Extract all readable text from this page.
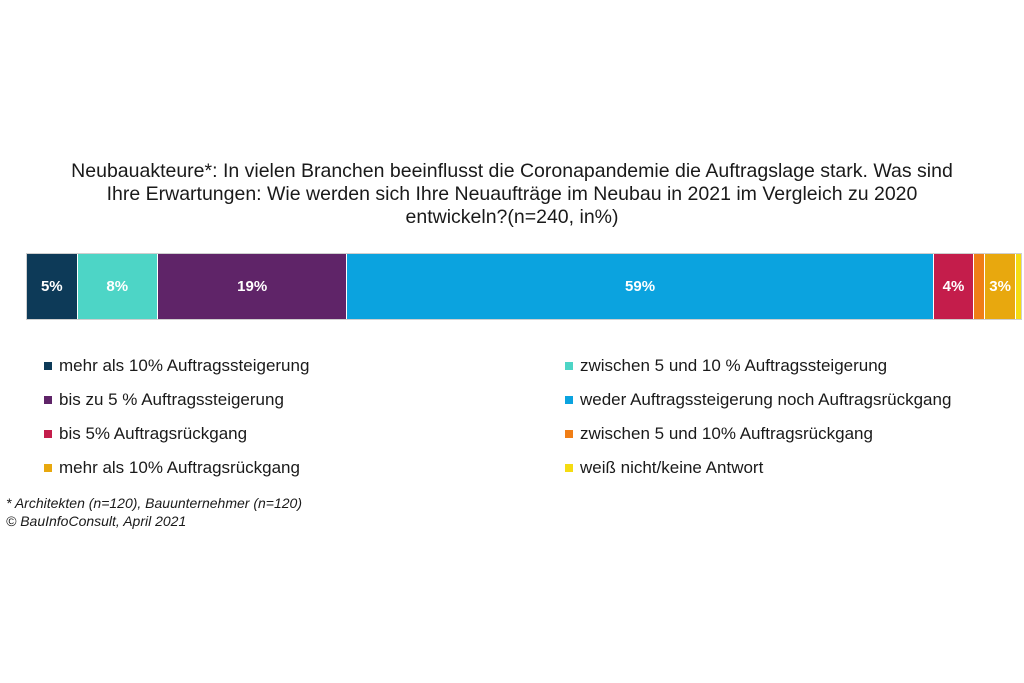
Neubauakteure*: In vielen Branchen beeinflusst die Coronapandemie die Auftragslage stark. Was sind
Ihre Erwartungen: Wie werden sich Ihre Neuaufträge im Neubau in 2021 im Vergleich zu 2020
entwickeln?(n=240, in%)
5%	8%	19%	59%	4% 3%
mehr als 10% Auftragssteigerung	zwischen 5 und 10 % Auftragssteigerung
bis zu 5 % Auftragssteigerung	weder Auftragssteigerung noch Auftragsrückgang
bis 5% Auftragsrückgang	zwischen 5 und 10% Auftragsrückgang
mehr als 10% Auftragsrückgang	weiß nicht/keine Antwort
* Architekten (n=120), Bauunternehmer (n=120)
© BauInfoConsult, April 2021
